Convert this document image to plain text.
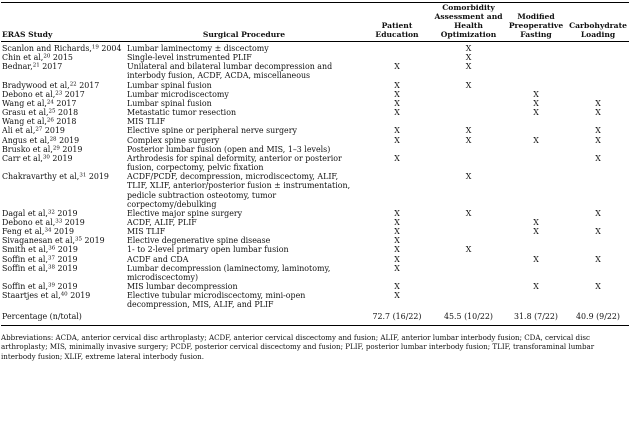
ERAS Study	Surgical Procedure	Patient Education	Comorbidity Assessment and Health Optimization	Modified Preoperative Fasting	Carbohydrate Loading
Scanlon and Richards,$^{19}$ 2004	Lumbar laminectomy ± discectomy		X		
Chin et al,$^{20}$ 2015	Single-level instrumented PLIF		X		
Bednar,$^{21}$ 2017	Unilateral and bilateral lumbar decompression and interbody fusion, ACDF, ACDA, miscellaneous	X	X		
Bradywood et al,$^{22}$ 2017	Lumbar spinal fusion	X	X		
Debono et al,$^{23}$ 2017	Lumbar microdiscectomy	X		X	
Wang et al,$^{24}$ 2017	Lumbar spinal fusion	X		X	X
Grasu et al,$^{25}$ 2018	Metastatic tumor resection	X		X	X
Wang et al,$^{26}$ 2018	MIS TLIF				
Ali et al,$^{27}$ 2019	Elective spine or peripheral nerve surgery	X	X		X
Angus et al,$^{28}$ 2019	Complex spine surgery	X	X	X	X
Brusko et al,$^{29}$ 2019	Posterior lumbar fusion (open and MIS, 1–3 levels)				
Carr et al,$^{30}$ 2019	Arthrodesis for spinal deformity, anterior or posterior fusion, corpectomy, pelvic fixation	X			X
Chakravarthy et al,$^{31}$ 2019	ACDF/PCDF, decompression, microdiscectomy, ALIF, TLIF, XLIF, anterior/posterior fusion ± instrumentation, pedicle subtraction osteotomy, tumor corpectomy/debulking		X		
Dagal et al,$^{32}$ 2019	Elective major spine surgery	X	X		X
Debono et al,$^{33}$ 2019	ACDF, ALIF, PLIF	X		X	
Feng et al,$^{34}$ 2019	MIS TLIF	X		X	X
Sivaganesan et al,$^{35}$ 2019	Elective degenerative spine disease	X			
Smith et al,$^{36}$ 2019	1- to 2-level primary open lumbar fusion	X	X		
Soffin et al,$^{37}$ 2019	ACDF and CDA	X		X	X
Soffin et al,$^{38}$ 2019	Lumbar decompression (laminectomy, laminotomy, microdiscectomy)	X			
Soffin et al,$^{39}$ 2019	MIS lumbar decompression	X		X	X
Staartjes et al,$^{40}$ 2019	Elective tubular microdiscectomy, mini-open decompression, MIS, ALIF, and PLIF	X			
Percentage (n/total)		72.7 (16/22)	45.5 (10/22)	31.8 (7/22)	40.9 (9/22)

Abbreviations: ACDA, anterior cervical disc arthroplasty; ACDF, anterior cervical discectomy and fusion; ALIF, anterior lumbar interbody fusion; CDA, cervical disc arthroplasty; MIS, minimally invasive surgery; PCDF, posterior cervical discectomy and fusion; PLIF, posterior lumbar interbody fusion; TLIF, transforaminal lumbar interbody fusion; XLIF, extreme lateral interbody fusion.
